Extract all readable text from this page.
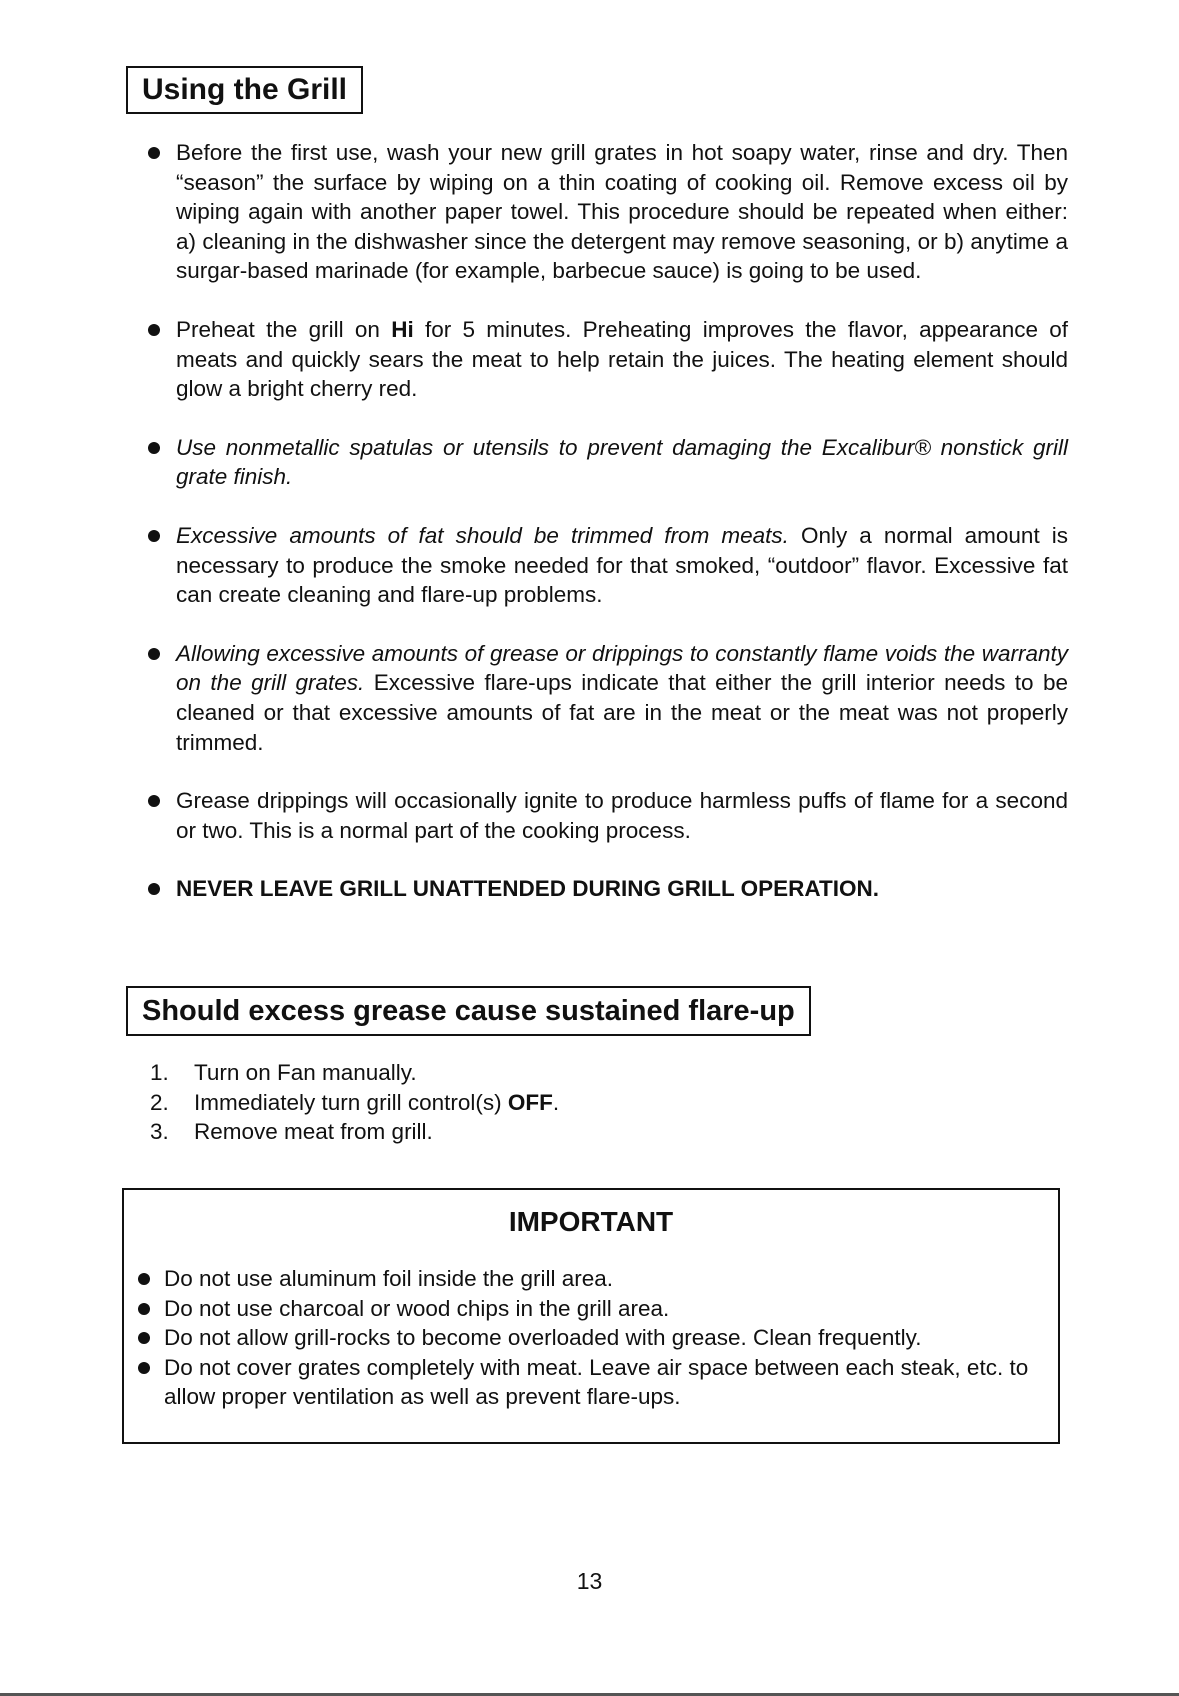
Using the Grill
Before the first use, wash your new grill grates in hot soapy water, rinse and dry. Then “season” the surface by wiping on a thin coating of cooking oil. Remove excess oil by wiping again with another paper towel. This procedure should be repeated when either: a) cleaning in the dishwasher since the detergent may remove seasoning, or b) anytime a surgar-based marinade (for example, barbecue sauce) is going to be used.
Preheat the grill on Hi for 5 minutes. Preheating improves the flavor, appearance of meats and quickly sears the meat to help retain the juices. The heating element should glow a bright cherry red.
Use nonmetallic spatulas or utensils to prevent damaging the Excalibur® nonstick grill grate finish.
Excessive amounts of fat should be trimmed from meats. Only a normal amount is necessary to produce the smoke needed for that smoked, “outdoor” flavor. Excessive fat can create cleaning and flare-up problems.
Allowing excessive amounts of grease or drippings to constantly flame voids the warranty on the grill grates. Excessive flare-ups indicate that either the grill interior needs to be cleaned or that excessive amounts of fat are in the meat or the meat was not properly trimmed.
Grease drippings will occasionally ignite to produce harmless puffs of flame for a second or two. This is a normal part of the cooking process.
NEVER LEAVE GRILL UNATTENDED DURING GRILL OPERATION.
Should excess grease cause sustained flare-up
1.	Turn on Fan manually.
2.	Immediately turn grill control(s) OFF.
3.	Remove meat from grill.
IMPORTANT
Do not use aluminum foil inside the grill area.
Do not use charcoal or wood chips in the grill area.
Do not allow grill-rocks to become overloaded with grease. Clean frequently.
Do not cover grates completely with meat. Leave air space between each steak, etc. to allow proper ventilation as well as prevent flare-ups.
13
